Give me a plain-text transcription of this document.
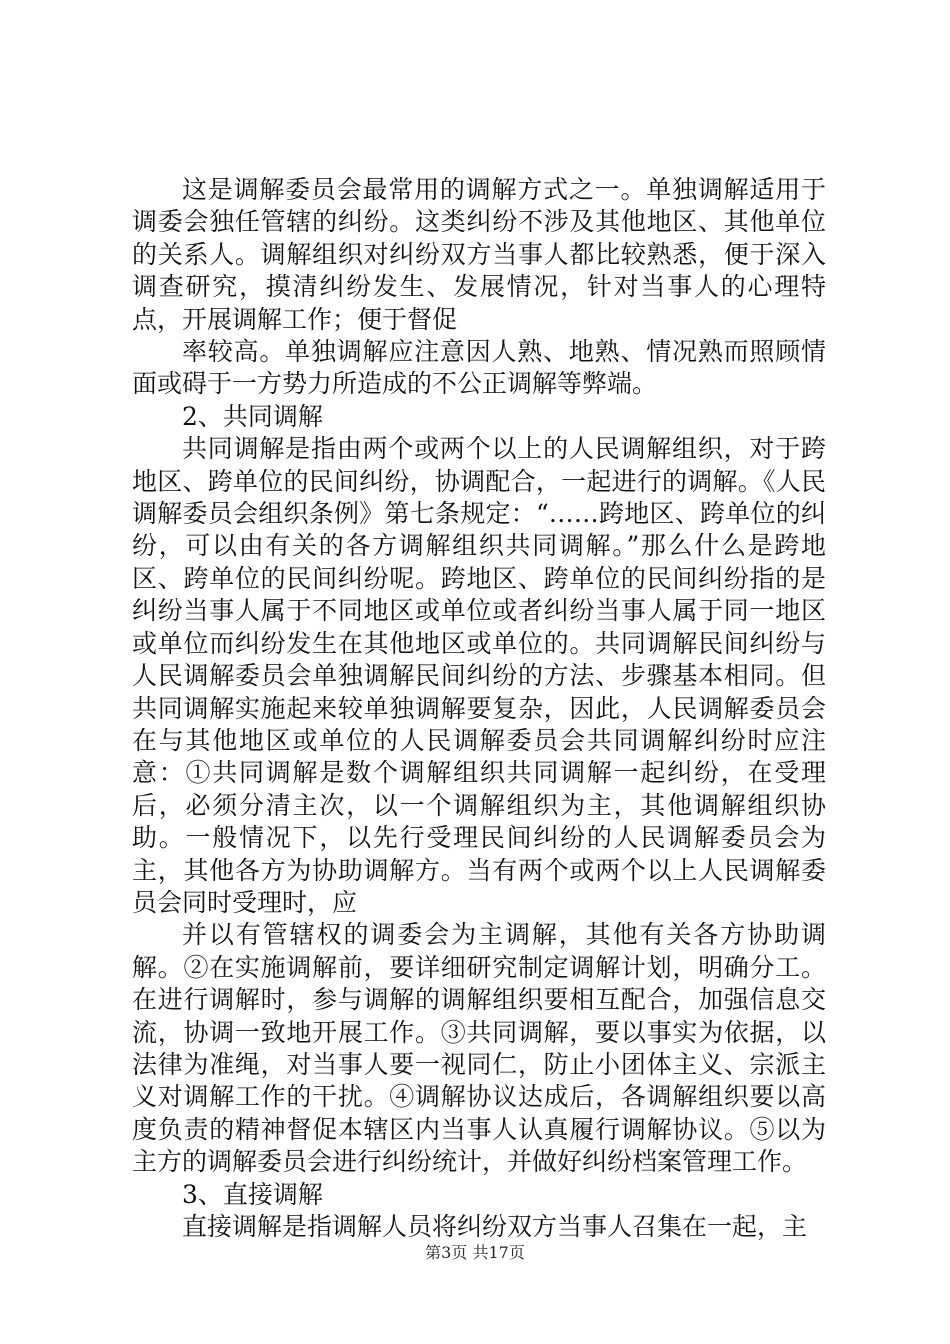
这是调解委员会最常用的调解方式之一。单独调解适用于调委会独任管辖的纠纷。这类纠纷不涉及其他地区、其他单位的关系人。调解组织对纠纷双方当事人都比较熟悉，便于深入调查研究，摸清纠纷发生、发展情况，针对当事人的心理特点，开展调解工作；便于督促

率较高。单独调解应注意因人熟、地熟、情况熟而照顾情面或碍于一方势力所造成的不公正调解等弊端。

2、共同调解

共同调解是指由两个或两个以上的人民调解组织，对于跨地区、跨单位的民间纠纷，协调配合，一起进行的调解。《人民调解委员会组织条例》第七条规定：“……跨地区、跨单位的纠纷，可以由有关的各方调解组织共同调解。”那么什么是跨地区、跨单位的民间纠纷呢。跨地区、跨单位的民间纠纷指的是纠纷当事人属于不同地区或单位或者纠纷当事人属于同一地区或单位而纠纷发生在其他地区或单位的。共同调解民间纠纷与人民调解委员会单独调解民间纠纷的方法、步骤基本相同。但共同调解实施起来较单独调解要复杂，因此，人民调解委员会在与其他地区或单位的人民调解委员会共同调解纠纷时应注意：①共同调解是数个调解组织共同调解一起纠纷，在受理后，必须分清主次，以一个调解组织为主，其他调解组织协助。一般情况下，以先行受理民间纠纷的人民调解委员会为主，其他各方为协助调解方。当有两个或两个以上人民调解委员会同时受理时，应

并以有管辖权的调委会为主调解，其他有关各方协助调解。②在实施调解前，要详细研究制定调解计划，明确分工。在进行调解时，参与调解的调解组织要相互配合，加强信息交流，协调一致地开展工作。③共同调解，要以事实为依据，以法律为准绳，对当事人要一视同仁，防止小团体主义、宗派主义对调解工作的干扰。④调解协议达成后，各调解组织要以高度负责的精神督促本辖区内当事人认真履行调解协议。⑤以为主方的调解委员会进行纠纷统计，并做好纠纷档案管理工作。

3、直接调解

直接调解是指调解人员将纠纷双方当事人召集在一起，主

第3页 共17页
